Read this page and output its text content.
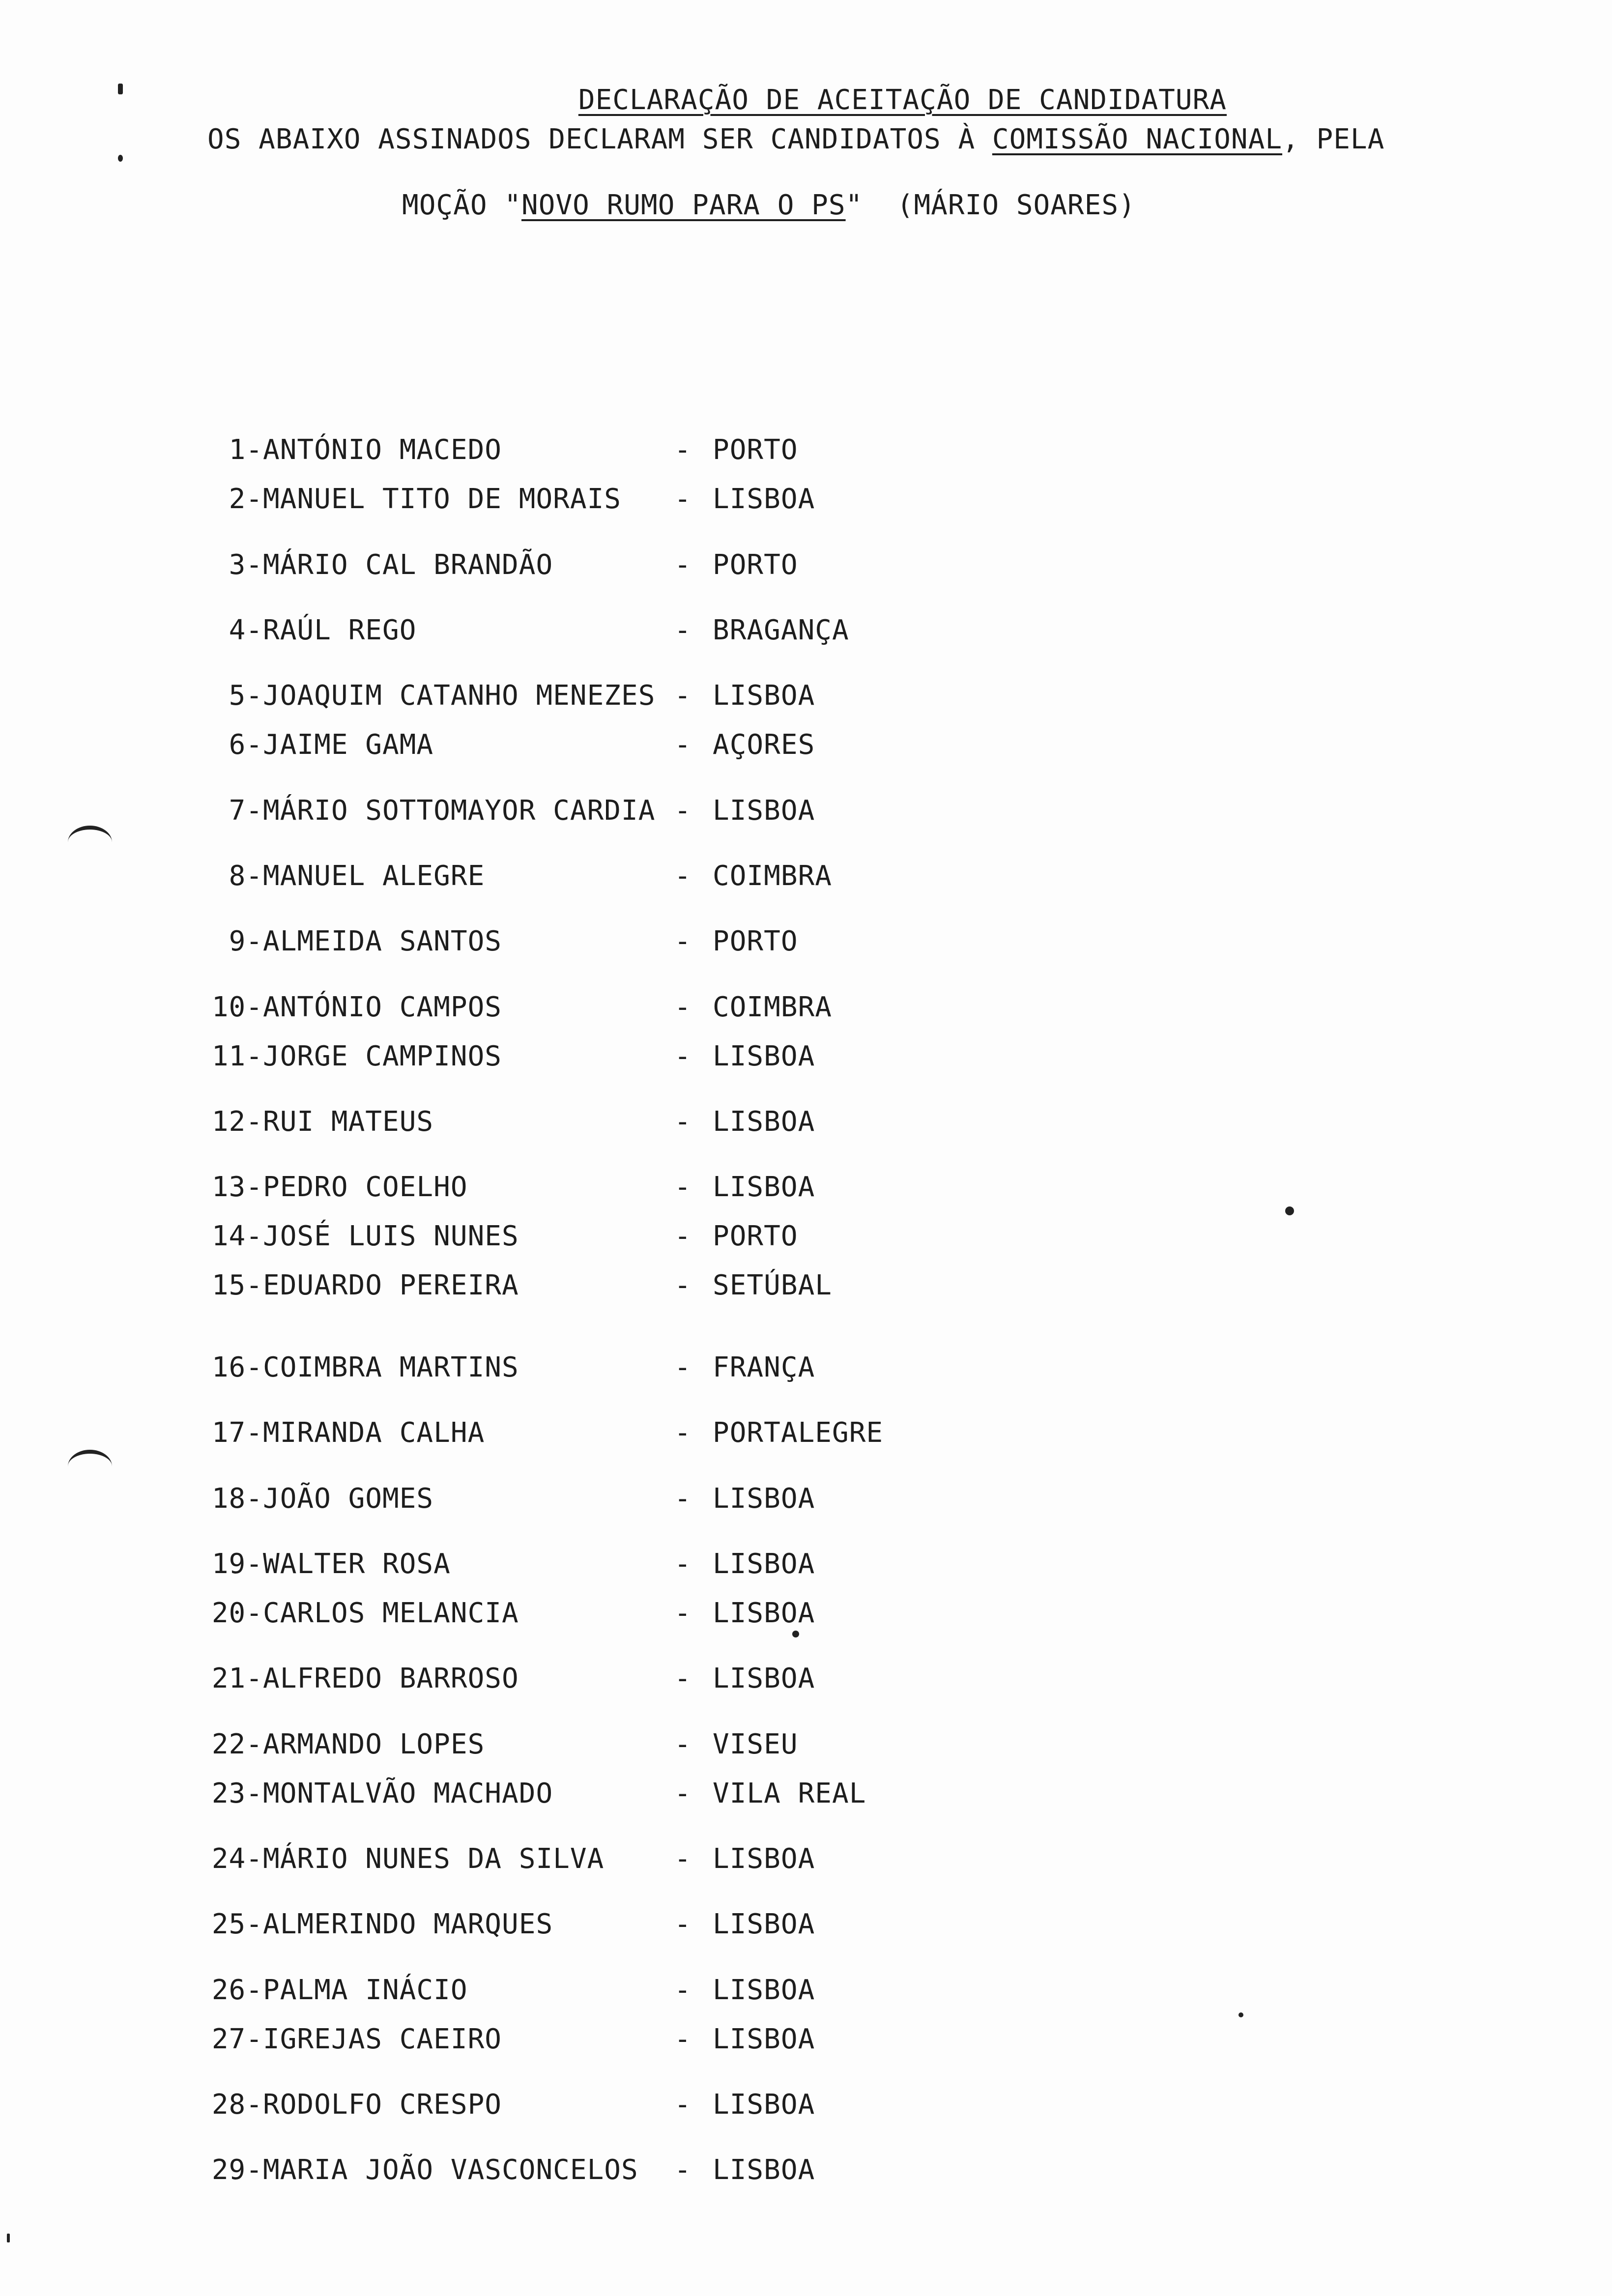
DECLARAÇÃO DE ACEITAÇÃO DE CANDIDATURA

OS ABAIXO ASSINADOS DECLARAM SER CANDIDATOS À COMISSÃO NACIONAL, PELA
MOÇÃO "NOVO RUMO PARA O PS"  (MÁRIO SOARES)
1- ANTÓNIO MACEDO	- PORTO
2- MANUEL TITO DE MORAIS - LISBOA
3- MÁRIO CAL BRANDÃO	- PORTO
4- RAÚL REGO	- BRAGANÇA
5- JOAQUIM CATANHO MENEZES - LISBOA
6- JAIME GAMA	- AÇORES
7- MÁRIO SOTTOMAYOR CARDIA - LISBOA
8- MANUEL ALEGRE	- COIMBRA
9- ALMEIDA SANTOS	- PORTO
10- ANTÓNIO CAMPOS	- COIMBRA
11- JORGE CAMPINOS	- LISBOA
12- RUI MATEUS	- LISBOA
13- PEDRO COELHO	- LISBOA
14- JOSÉ LUIS NUNES	- PORTO
15- EDUARDO PEREIRA	- SETÚBAL
16- COIMBRA MARTINS	- FRANÇA
17- MIRANDA CALHA	- PORTALEGRE
18- JOÃO GOMES	- LISBOA
19- WALTER ROSA	- LISBOA
20- CARLOS MELANCIA	- LISBOA
21- ALFREDO BARROSO	- LISBOA
22- ARMANDO LOPES	- VISEU
23- MONTALVÃO MACHADO	- VILA REAL
24- MÁRIO NUNES DA SILVA	- LISBOA
25- ALMERINDO MARQUES	- LISBOA
26- PALMA INÁCIO	- LISBOA
27- IGREJAS CAEIRO	- LISBOA
28- RODOLFO CRESPO	- LISBOA
29- MARIA JOÃO VASCONCELOS - LISBOA
